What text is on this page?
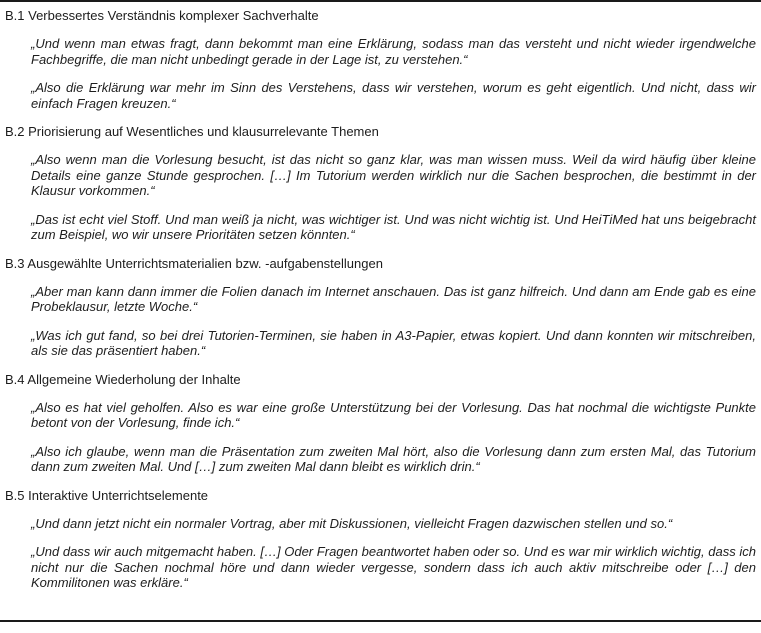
B.1 Verbessertes Verständnis komplexer Sachverhalte

„Und wenn man etwas fragt, dann bekommt man eine Erklärung, sodass man das versteht und nicht wieder irgendwelche Fachbegriffe, die man nicht unbedingt gerade in der Lage ist, zu verstehen.“

„Also die Erklärung war mehr im Sinn des Verstehens, dass wir verstehen, worum es geht eigentlich. Und nicht, dass wir einfach Fragen kreuzen.“

B.2 Priorisierung auf Wesentliches und klausurrelevante Themen

„Also wenn man die Vorlesung besucht, ist das nicht so ganz klar, was man wissen muss. Weil da wird häufig über kleine Details eine ganze Stunde gesprochen. […] Im Tutorium werden wirklich nur die Sachen besprochen, die bestimmt in der Klausur vorkommen.“

„Das ist echt viel Stoff. Und man weiß ja nicht, was wichtiger ist. Und was nicht wichtig ist. Und HeiTiMed hat uns beigebracht zum Beispiel, wo wir unsere Prioritäten setzen könnten.“

B.3 Ausgewählte Unterrichtsmaterialien bzw. -aufgabenstellungen

„Aber man kann dann immer die Folien danach im Internet anschauen. Das ist ganz hilfreich. Und dann am Ende gab es eine Probeklausur, letzte Woche.“

„Was ich gut fand, so bei drei Tutorien-Terminen, sie haben in A3-Papier, etwas kopiert. Und dann konnten wir mitschreiben, als sie das präsentiert haben.“

B.4 Allgemeine Wiederholung der Inhalte

„Also es hat viel geholfen. Also es war eine große Unterstützung bei der Vorlesung. Das hat nochmal die wichtigste Punkte betont von der Vorlesung, finde ich.“

„Also ich glaube, wenn man die Präsentation zum zweiten Mal hört, also die Vorlesung dann zum ersten Mal, das Tutorium dann zum zweiten Mal. Und […] zum zweiten Mal dann bleibt es wirklich drin.“

B.5 Interaktive Unterrichtselemente

„Und dann jetzt nicht ein normaler Vortrag, aber mit Diskussionen, vielleicht Fragen dazwischen stellen und so.“

„Und dass wir auch mitgemacht haben. […] Oder Fragen beantwortet haben oder so. Und es war mir wirklich wichtig, dass ich nicht nur die Sachen nochmal höre und dann wieder vergesse, sondern dass ich auch aktiv mitschreibe oder […] den Kommilitonen was erkläre.“
